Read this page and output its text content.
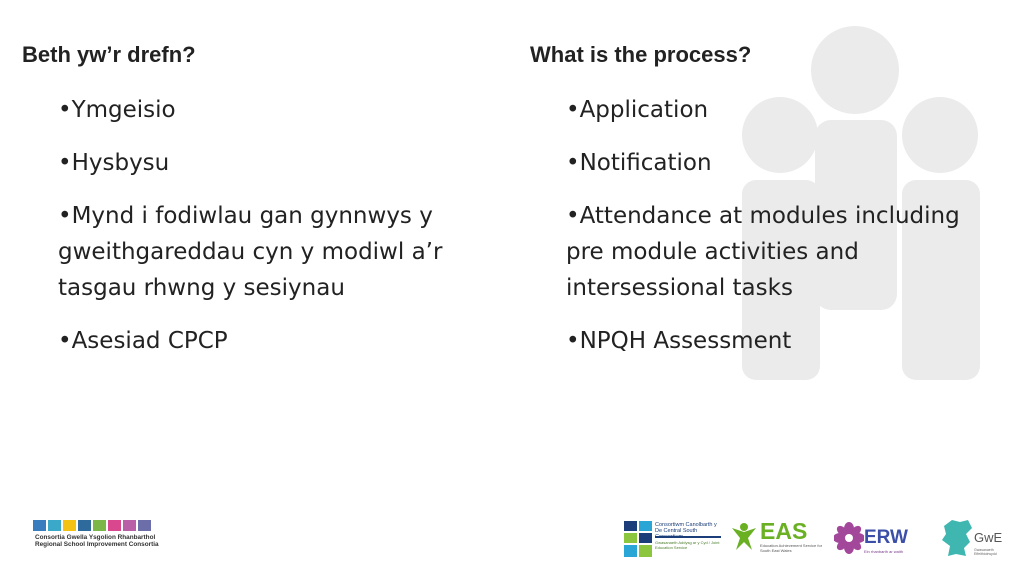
Beth yw’r drefn?	What is the process?
• Ymgeisio
• Hysbysu
• Mynd i fodiwlau gan gynnwys y gweithgareddau cyn y modiwl a’r tasgau rhwng y sesiynau
• Asesiad CPCP
• Application
• Notification
• Attendance at modules including pre module activities and intersessional tasks
• NPQH Assessment
Consortia Gwella Ysgolion Rhanbarthol
Regional School Improvement Consortia
Consortiwm Canolbarth y De Central South
Gwasanaeth Addysg ar y Cyd / Joint Education Service
EAS
Education Achievement Service for South East Wales
ERW
Ein rhanbarth ar waith
GwE
Gwasanaeth Effeithiolrwydd
